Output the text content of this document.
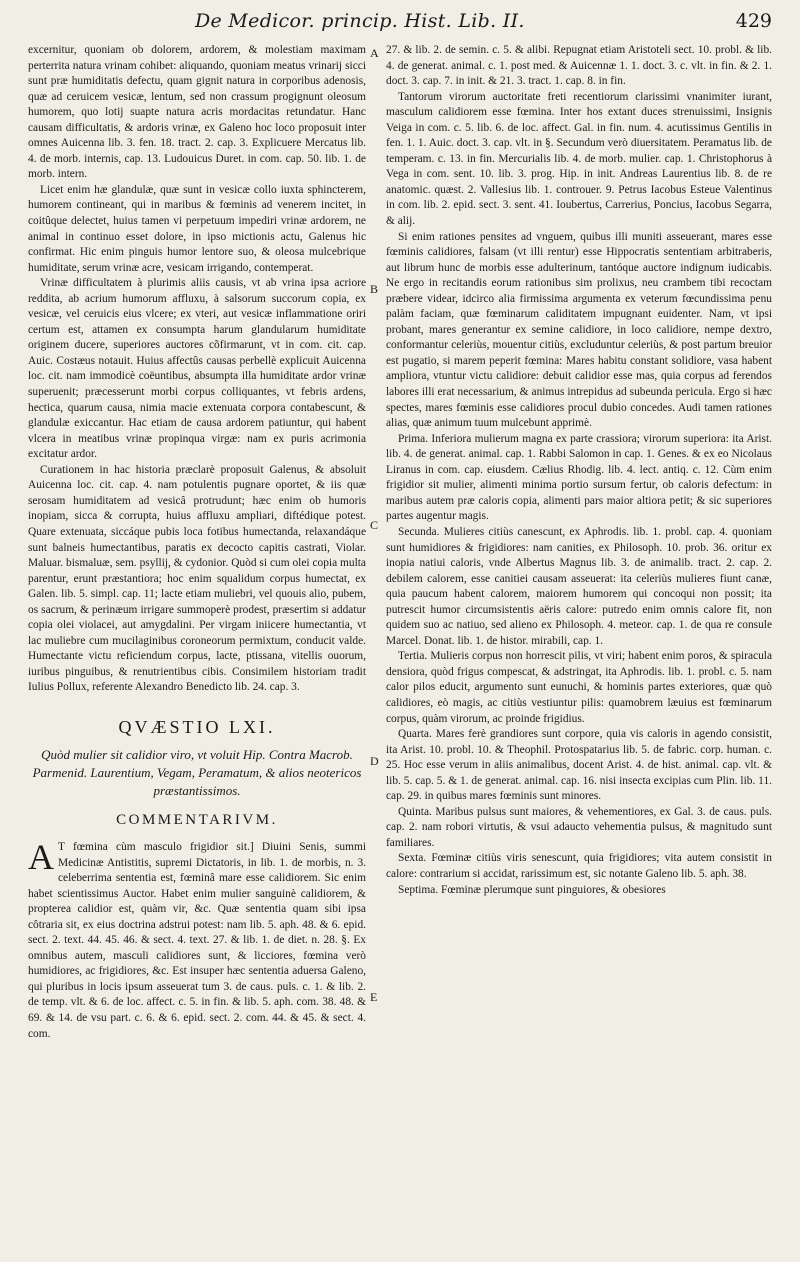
De Medicor. princip. Hist. Lib. II.	429

excernitur, quoniam ob dolorem, ardorem, & molestiam maximam perterrita natura vrinam cohibet: aliquando, quoniam meatus vrinarij sicci sunt præ humiditatis defectu, quam gignit natura in corporibus adenosis, quæ ad ceruicem vesicæ, lentum, sed non crassum progignunt oleosum humorem, quo lotij suapte natura acris mordacitas retundatur. Hanc causam difficultatis, & ardoris vrinæ, ex Galeno hoc loco proposuit inter omnes Auicenna lib. 3. fen. 18. tract. 2. cap. 3. Explicuere Mercatus lib. 4. de morb. internis, cap. 13. Ludouicus Duret. in com. cap. 50. lib. 1. de morb. intern.

Licet enim hæ glandulæ, quæ sunt in vesicæ collo iuxta sphincterem, humorem contineant, qui in maribus & fœminis ad venerem incitet, in coitûque delectet, huius tamen vi perpetuum impediri vrinæ ardorem, ne animal in continuo esset dolore, in ipso mictionis actu, Galenus hic confirmat. Hic enim pinguis humor lentore suo, & oleosa mulcebrique humiditate, serum vrinæ acre, vesicam irrigando, contemperat.

Vrinæ difficultatem à plurimis aliis causis, vt ab vrina ipsa acriore reddita, ab acrium humorum affluxu, à salsorum succorum copia, ex vesicæ, vel ceruicis eius vlcere; ex vteri, aut vesicæ inflammatione oriri certum est, attamen ex consumpta harum glandularum humiditate originem ducere, superiores auctores cõfirmarunt, vt in com. cit. cap. Auic. Costæus notauit. Huius affectûs causas perbellè explicuit Auicenna loc. cit. nam immodicè coëuntibus, absumpta illa humiditate ardor vrinæ superuenit; præcesserunt morbi corpus colliquantes, vt febris ardens, hectica, quarum causa, nimia macie extenuata corpora contabescunt, & glandulæ exiccantur. Hac etiam de causa ardorem patiuntur, qui habent vlcera in meatibus vrinæ propinqua virgæ: nam ex puris acrimonia excitatur ardor.

Curationem in hac historia præclarè proposuit Galenus, & absoluit Auicenna loc. cit. cap. 4. nam potulentis pugnare oportet, & iis quæ serosam humiditatem ad vesicâ protrudunt; hæc enim ob humoris inopiam, sicca & corrupta, huius affluxu ampliari, diftédique potest. Quare extenuata, siccáque pubis loca fotibus humectanda, relaxandáque sunt balneis humectantibus, paratis ex decocto capitis castrati, Violar. Maluar. bismaluæ, sem. psyllij, & cydonior. Quòd si cum olei copia multa parentur, erunt præstantiora; hoc enim squalidum corpus humectat, ex Galen. lib. 5. simpl. cap. 11; lacte etiam muliebri, vel quouis alio, pubem, os sacrum, & perinæum irrigare summoperè prodest, præsertim si addatur copia olei violacei, aut amygdalini. Per virgam iniicere humectantia, vt lac muliebre cum mucilaginibus coroneorum permixtum, conducit valde. Humectante victu reficiendum corpus, lacte, ptissana, vitellis ouorum, iuribus pinguibus, & renutrientibus cibis. Consimilem historiam tradit Iulius Pollux, referente Alexandro Benedicto lib. 24. cap. 3.

QVÆSTIO LXI.
Quòd mulier sit calidior viro, vt voluit Hip. Contra Macrob. Parmenid. Laurentium, Vegam, Peramatum, & alios neotericos præstantissimos.
COMMENTARIVM.

A T fœmina cùm masculo frigidior sit.] Diuini Senis, summi Medicinæ Antistitis, supremi Dictatoris, in lib. 1. de morbis, n. 3. celeberrima sententia est, fœminâ mare esse calidiorem. Sic enim habet scientissimus Auctor. Habet enim mulier sanguinè calidiorem, & propterea calidior est, quàm vir, &c. Quæ sententia quam sibi ipsa côtraria sit, ex eius doctrina adstrui potest: nam lib. 5. aph. 48. & 6. epid. sect. 2. text. 44. 45. 46. & sect. 4. text. 27. & lib. 1. de diet. n. 28. §. Ex omnibus autem, masculi calidiores sunt, & licciores, fœmina verò humidiores, ac frigidiores, &c. Est insuper hæc sententia aduersa Galeno, qui pluribus in locis ipsum asseuerat tum 3. de caus. puls. c. 1. & lib. 2. de temp. vlt. & 6. de loc. affect. c. 5. in fin. & lib. 5. aph. com. 38. 48. & 69. & 14. de vsu part. c. 6. & 6. epid. sect. 2. com. 44. & 45. & sect. 4. com.

A
B
C
D
E

27. & lib. 2. de semin. c. 5. & alibi. Repugnat etiam Aristoteli sect. 10. probl. & lib. 4. de generat. animal. c. 1. post med. & Auicennæ 1. 1. doct. 3. c. vlt. in fin. & 2. 1. doct. 3. cap. 7. in init. & 21. 3. tract. 1. cap. 8. in fin.

Tantorum virorum auctoritate freti recentiorum clarissimi vnanimiter iurant, masculum calidiorem esse fœmina. Inter hos extant duces strenuissimi, Insignis Veiga in com. c. 5. lib. 6. de loc. affect. Gal. in fin. num. 4. acutissimus Gentilis in fen. 1. 1. Auic. doct. 3. cap. vlt. in §. Secundum verò diuersitatem. Peramatus lib. de temperam. c. 13. in fin. Mercurialis lib. 4. de morb. mulier. cap. 1. Christophorus à Vega in com. sent. 10. lib. 3. prog. Hip. in init. Andreas Laurentius lib. 8. de re anatomic. quæst. 2. Vallesius lib. 1. controuer. 9. Petrus Iacobus Esteue Valentinus in com. lib. 2. epid. sect. 3. sent. 41. Ioubertus, Carrerius, Poncius, Iacobus Segarra, & alij.

Si enim rationes pensites ad vnguem, quibus illi muniti asseuerant, mares esse fœminis calidiores, falsam (vt illi rentur) esse Hippocratis sententiam arbitraberis, aut librum hunc de morbis esse adulterinum, tantóque auctore indignum iudicabis. Ne ergo in recitandis eorum rationibus sim prolixus, neu crambem tibi recoctam præbere videar, idcirco alia firmissima argumenta ex veterum fœcundissima penu palàm faciam, quæ fœminarum caliditatem impugnant euidenter. Nam, vt ipsi probant, mares generantur ex semine calidiore, in loco calidiore, nempe dextro, conformantur celeriùs, mouentur citiùs, excluduntur celeriùs, & post partum breuior est pugatio, si marem peperit fœmina: Mares habitu constant solidiore, vasa habent ampliora, vtuntur victu calidiore: debuit calidior esse mas, quia corpus ad ferendos labores illi erat necessarium, & animus intrepidus ad subeunda pericula. Ergo si hæc spectes, mares fœminis esse calidiores procul dubio concedes. Audi tamen rationes alias, quæ animum tuum mulcebunt apprimè.

Prima. Inferiora mulierum magna ex parte crassiora; virorum superiora: ita Arist. lib. 4. de generat. animal. cap. 1. Rabbi Salomon in cap. 1. Genes. & ex eo Nicolaus Liranus in com. cap. eiusdem. Cælius Rhodig. lib. 4. lect. antiq. c. 12. Cùm enim frigidior sit mulier, alimenti minima portio sursum fertur, ob caloris defectum: in maribus autem præ caloris copia, alimenti pars maior altiora petit; & sic superiores partes augentur magis.

Secunda. Mulieres citiùs canescunt, ex Aphrodis. lib. 1. probl. cap. 4. quoniam sunt humidiores & frigidiores: nam canities, ex Philosoph. 10. prob. 36. oritur ex inopia natiui caloris, vnde Albertus Magnus lib. 3. de animalib. tract. 2. cap. 2. debilem calorem, esse canitiei causam asseuerat: ita celeriùs mulieres fiunt canæ, quia paucum habent calorem, maiorem humorem qui concoqui non possit; ita putrescit humor circumsistentis aëris calore: putredo enim omnis calore fit, non quidem suo ac natiuo, sed alieno ex Philosoph. 4. meteor. cap. 1. de qua re consule Marcel. Donat. lib. 1. de histor. mirabili, cap. 1.

Tertia. Mulieris corpus non horrescit pilis, vt viri; habent enim poros, & spiracula densiora, quòd frigus compescat, & adstringat, ita Aphrodis. lib. 1. probl. c. 5. nam calor pilos educit, argumento sunt eunuchi, & hominis partes exteriores, quæ quò calidiores, eò magis, ac citiùs vestiuntur pilis: quamobrem læuius est fœminarum corpus, quàm virorum, ac proinde frigidius.

Quarta. Mares ferè grandiores sunt corpore, quia vis caloris in agendo consistit, ita Arist. 10. probl. 10. & Theophil. Protospatarius lib. 5. de fabric. corp. human. c. 25. Hoc esse verum in aliis animalibus, docent Arist. 4. de hist. animal. cap. vlt. & lib. 5. cap. 5. & 1. de generat. animal. cap. 16. nisi insecta excipias cum Plin. lib. 11. cap. 29. in quibus mares fœminis sunt minores.

Quinta. Maribus pulsus sunt maiores, & vehementiores, ex Gal. 3. de caus. puls. cap. 2. nam robori virtutis, & vsui adaucto vehementia pulsus, & magnitudo sunt familiares.

Sexta. Fœminæ citiùs viris senescunt, quia frigidiores; vita autem consistit in calore: contrarium si accidat, rarissimum est, sic notante Galeno lib. 5. aph. 38.

Septima. Fœminæ plerumque sunt pinguiores, & obesiores
